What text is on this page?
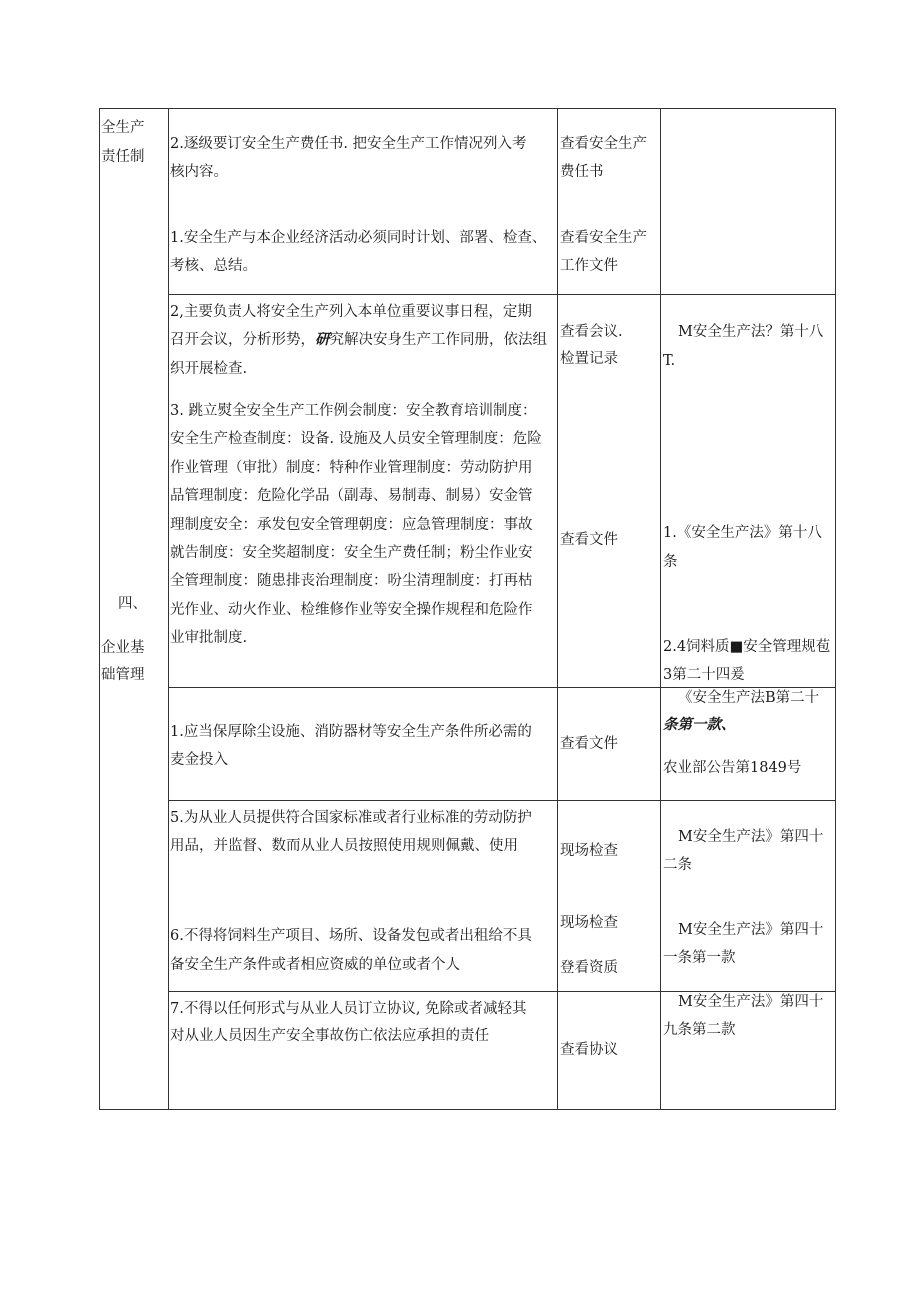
全生产
责任制
四、
企业基
础管理
2.逐级要订安全生产费任书. 把安全生产工作情况列入考
核内容。
查看安全生产
费任书
1.安全生产与本企业经济活动必须同时计划、部署、检查、
考核、总结。
查看安全生产
工作文件
2,主要负责人将安全生产列入本单位重要议事日程，定期
召开会议，分析形势，研究解决安身生产工作同册，依法组
织开展检查.
查看会议.
检置记录
M安全生产法？第十八
T.
3. 跳立熨全安全生产工作例会制度：安全教育培训制度：
安全生产检查制度：设备. 设施及人员安全管理制度：危险
作业管理（审批）制度：特种作业管理制度：劳动防护用
品管理制度：危险化学品（副毒、易制毒、制易）安金管
理制度安全：承发包安全管理朝度：应急管理制度：事故
就告制度：安全奖超制度：安全生产费任制；粉尘作业安
全管理制度：随患排丧治理制度：吩尘清理制度：打再枯
光作业、动火作业、检维修作业等安全操作规程和危险作
业审批制度.
查看文件	1.《安全生产法》第十八
条
2.4饲料质■安全管理规苞
3第二十四爰
1.应当保厚除尘设施、消防器材等安全生产条件所必需的
麦金投入
查看文件
《安全生产法B第二十
条第一款、
农业部公告第1849号
5.为从业人员提供符合国家标准或者行业标准的劳动防护
用品，并监督、数而从业人员按照使用规则佩戴、使用	现场检查
M安全生产法》第四十
二条
6.不得将饲料生产项目、场所、设备发包或者出租给不具
备安全生产条件或者相应资威的单位或者个人
现场检查
登看资质
M安全生产法》第四十
一条第一款
7.不得以任何形式与从业人员订立协议, 免除或者减轻其
对从业人员因生产安全事故伤亡依法应承担的责任
查看协议
M安全生产法》第四十
九条第二款
